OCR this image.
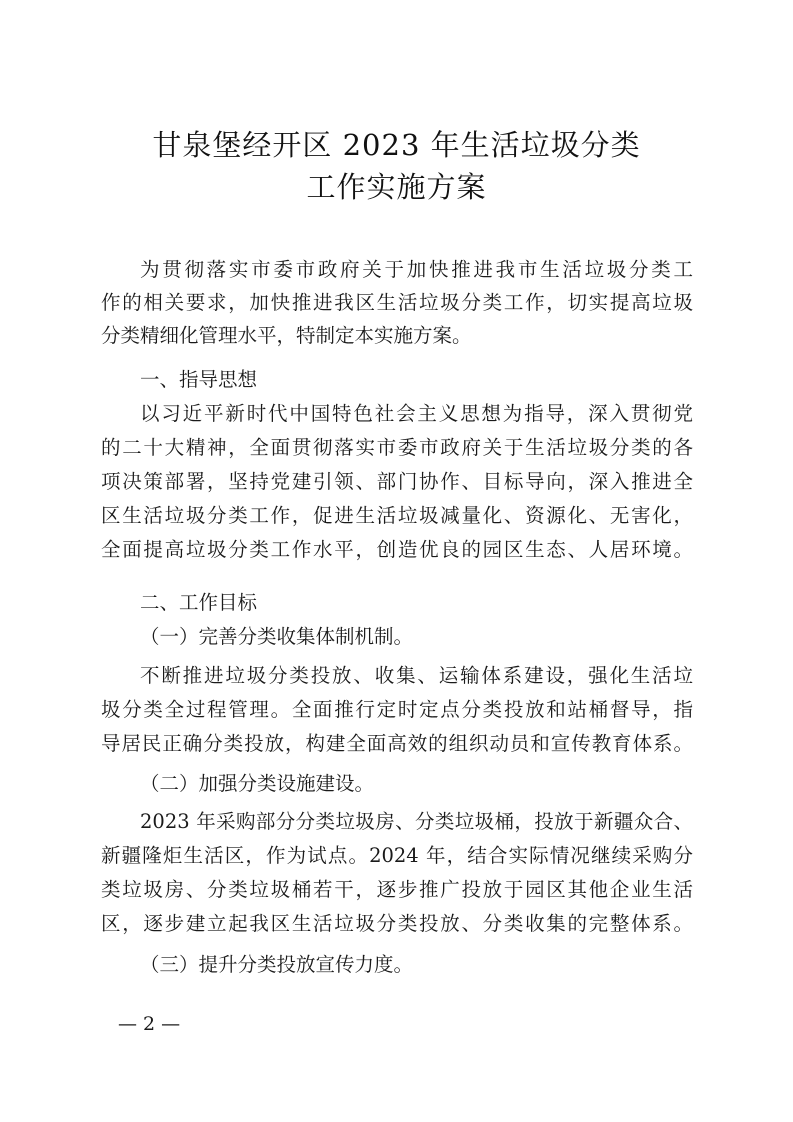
甘泉堡经开区 2023 年生活垃圾分类
工作实施方案
为贯彻落实市委市政府关于加快推进我市生活垃圾分类工
作的相关要求，加快推进我区生活垃圾分类工作，切实提高垃圾
分类精细化管理水平，特制定本实施方案。
一、指导思想
以习近平新时代中国特色社会主义思想为指导，深入贯彻党
的二十大精神，全面贯彻落实市委市政府关于生活垃圾分类的各
项决策部署，坚持党建引领、部门协作、目标导向，深入推进全
区生活垃圾分类工作，促进生活垃圾减量化、资源化、无害化，
全面提高垃圾分类工作水平，创造优良的园区生态、人居环境。
二、工作目标
（一）完善分类收集体制机制。
不断推进垃圾分类投放、收集、运输体系建设，强化生活垃
圾分类全过程管理。全面推行定时定点分类投放和站桶督导，指
导居民正确分类投放，构建全面高效的组织动员和宣传教育体系。
（二）加强分类设施建设。
2023 年采购部分分类垃圾房、分类垃圾桶，投放于新疆众合、
新疆隆炬生活区，作为试点。2024 年，结合实际情况继续采购分
类垃圾房、分类垃圾桶若干，逐步推广投放于园区其他企业生活
区，逐步建立起我区生活垃圾分类投放、分类收集的完整体系。
（三）提升分类投放宣传力度。
— 2 —
